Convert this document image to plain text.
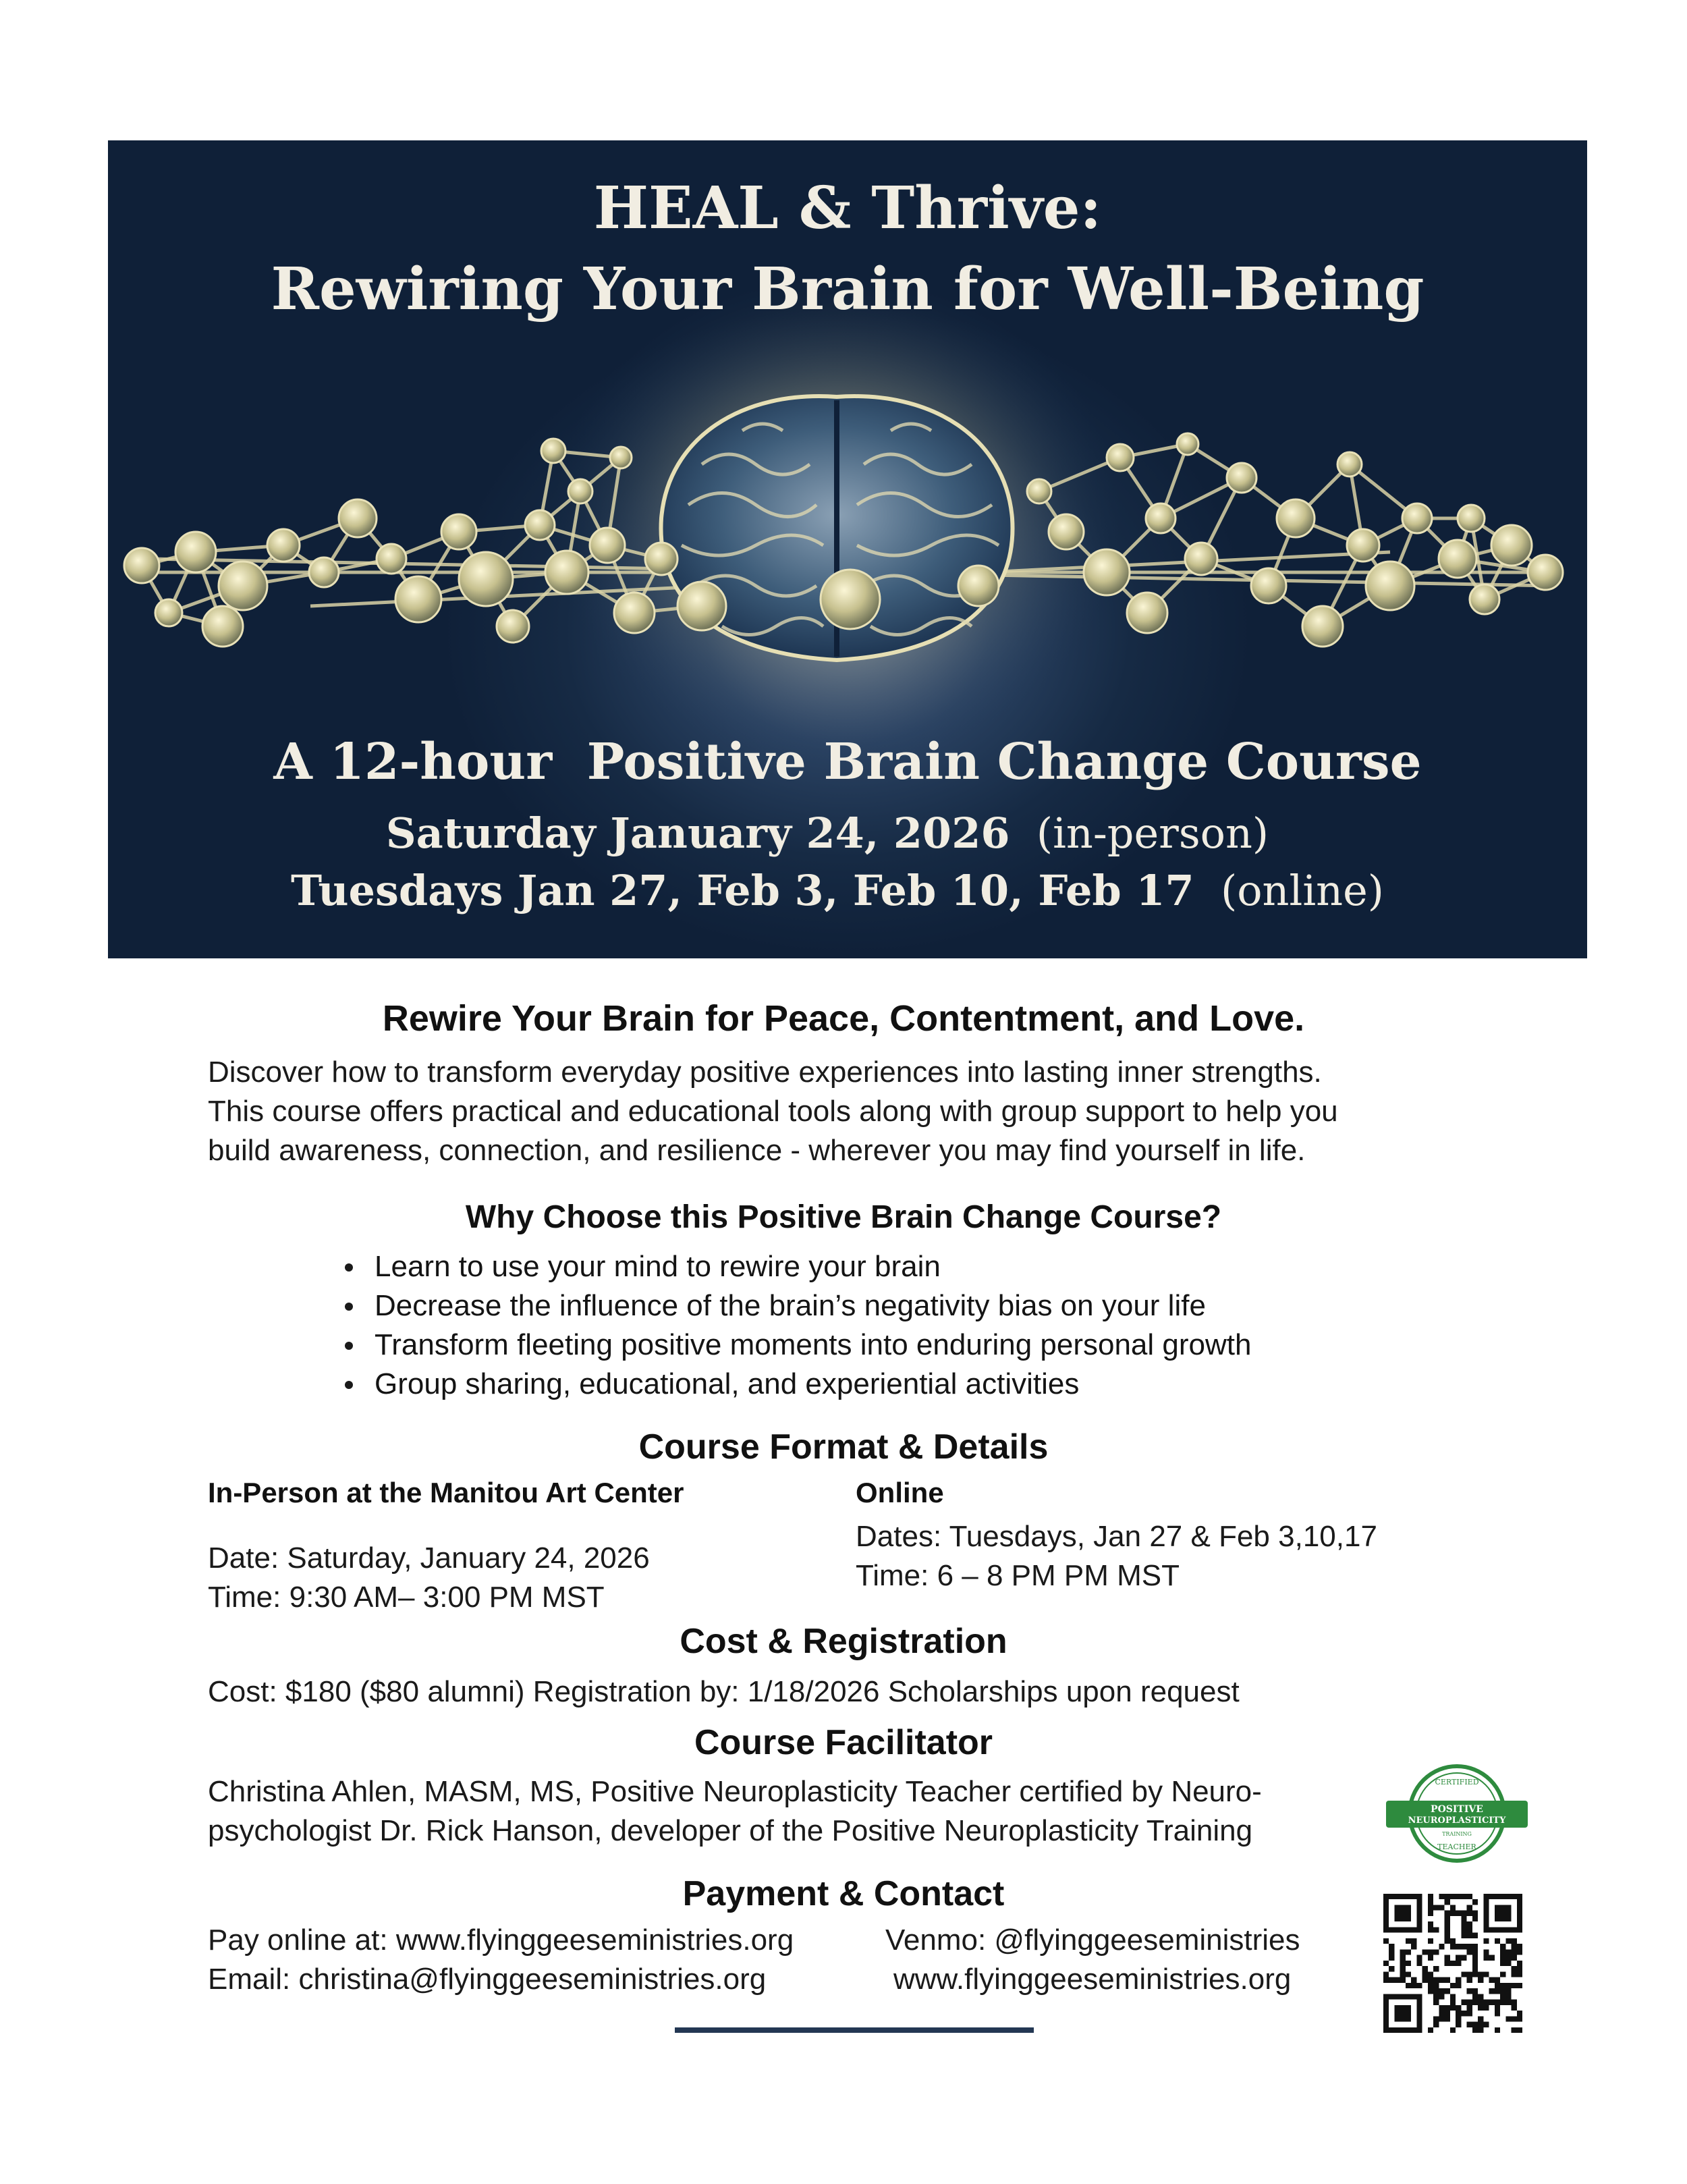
HEAL & Thrive:
Rewiring Your Brain for Well-Being
A 12-hour  Positive Brain Change Course
Saturday January 24, 2026  (in-person)
Tuesdays Jan 27, Feb 3, Feb 10, Feb 17  (online)
Rewire Your Brain for Peace, Contentment, and Love.
Discover how to transform everyday positive experiences into lasting inner strengths.
This course offers practical and educational tools along with group support to help you
build awareness, connection, and resilience - wherever you may find yourself in life.
Why Choose this Positive Brain Change Course?
Learn to use your mind to rewire your brain
Decrease the influence of the brain’s negativity bias on your life
Transform fleeting positive moments into enduring personal growth
Group sharing, educational, and experiential activities
Course Format & Details
In-Person at the Manitou Art Center	Online
Date: Saturday, January 24, 2026
Time: 9:30 AM– 3:00 PM MST
Dates: Tuesdays, Jan 27 & Feb 3,10,17
Time: 6 – 8 PM PM MST
Cost & Registration
Cost: $180 ($80 alumni) Registration by: 1/18/2026 Scholarships upon request
Course Facilitator
Christina Ahlen, MASM, MS, Positive Neuroplasticity Teacher certified by Neuro-
psychologist Dr. Rick Hanson, developer of the Positive Neuroplasticity Training
CERTIFIED
POSITIVE
NEUROPLASTICITY
TRAINING
TEACHER
Payment & Contact
Pay online at: www.flyinggeeseministries.org
Email: christina@flyinggeeseministries.org
Venmo: @flyinggeeseministries
www.flyinggeeseministries.org
